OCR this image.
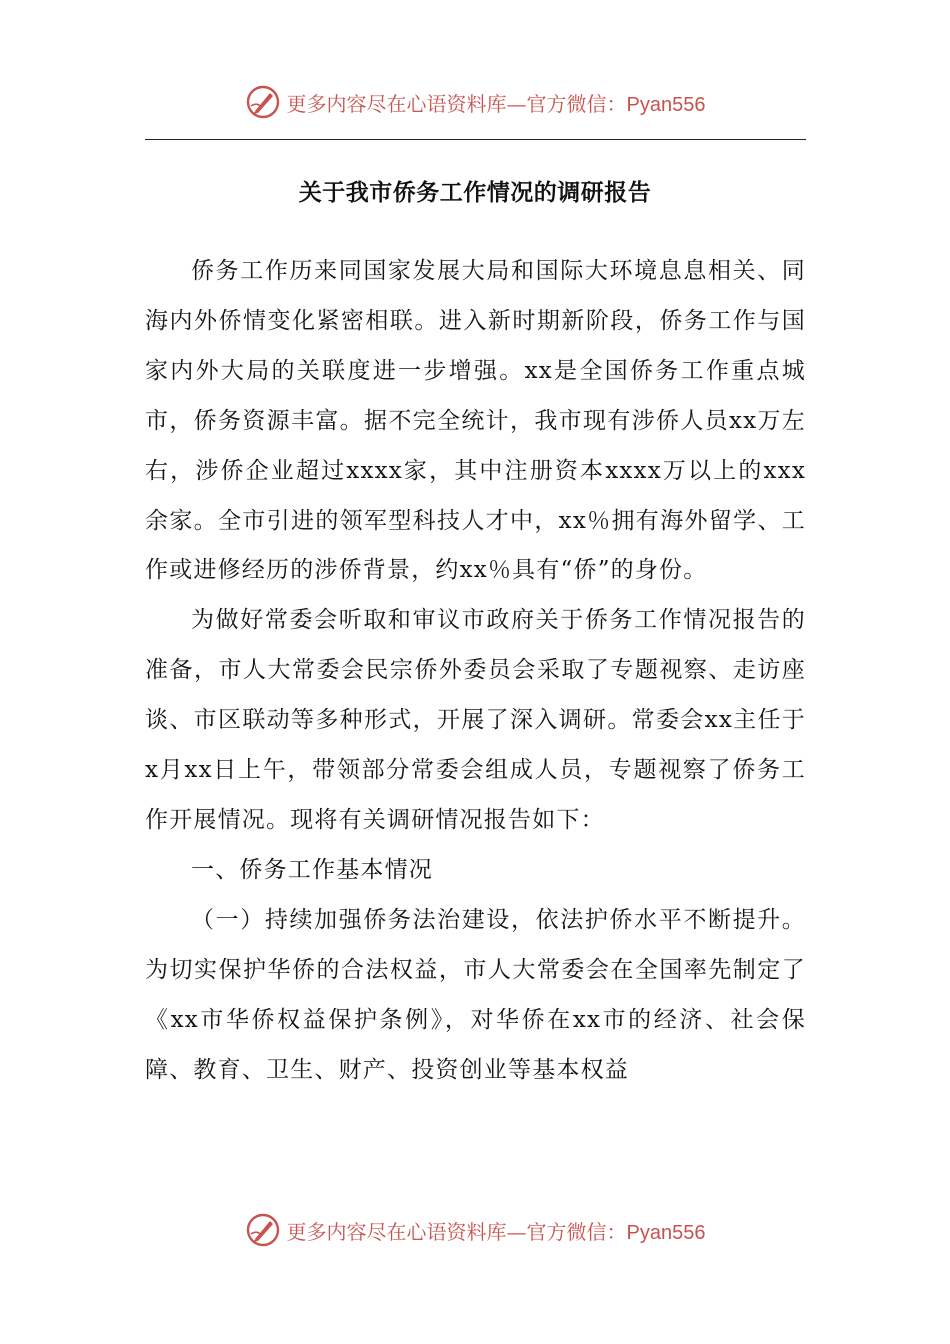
更多内容尽在心语资料库—官方微信：Pyan556
关于我市侨务工作情况的调研报告

侨务工作历来同国家发展大局和国际大环境息息相关、同海内外侨情变化紧密相联。进入新时期新阶段，侨务工作与国家内外大局的关联度进一步增强。xx是全国侨务工作重点城市，侨务资源丰富。据不完全统计，我市现有涉侨人员xx万左右，涉侨企业超过xxxx家，其中注册资本xxxx万以上的xxx余家。全市引进的领军型科技人才中，xx％拥有海外留学、工作或进修经历的涉侨背景，约xx％具有“侨”的身份。

为做好常委会听取和审议市政府关于侨务工作情况报告的准备，市人大常委会民宗侨外委员会采取了专题视察、走访座谈、市区联动等多种形式，开展了深入调研。常委会xx主任于x月xx日上午，带领部分常委会组成人员，专题视察了侨务工作开展情况。现将有关调研情况报告如下：

一、侨务工作基本情况

（一）持续加强侨务法治建设，依法护侨水平不断提升。为切实保护华侨的合法权益，市人大常委会在全国率先制定了《xx市华侨权益保护条例》，对华侨在xx市的经济、社会保障、教育、卫生、财产、投资创业等基本权益

更多内容尽在心语资料库—官方微信：Pyan556
